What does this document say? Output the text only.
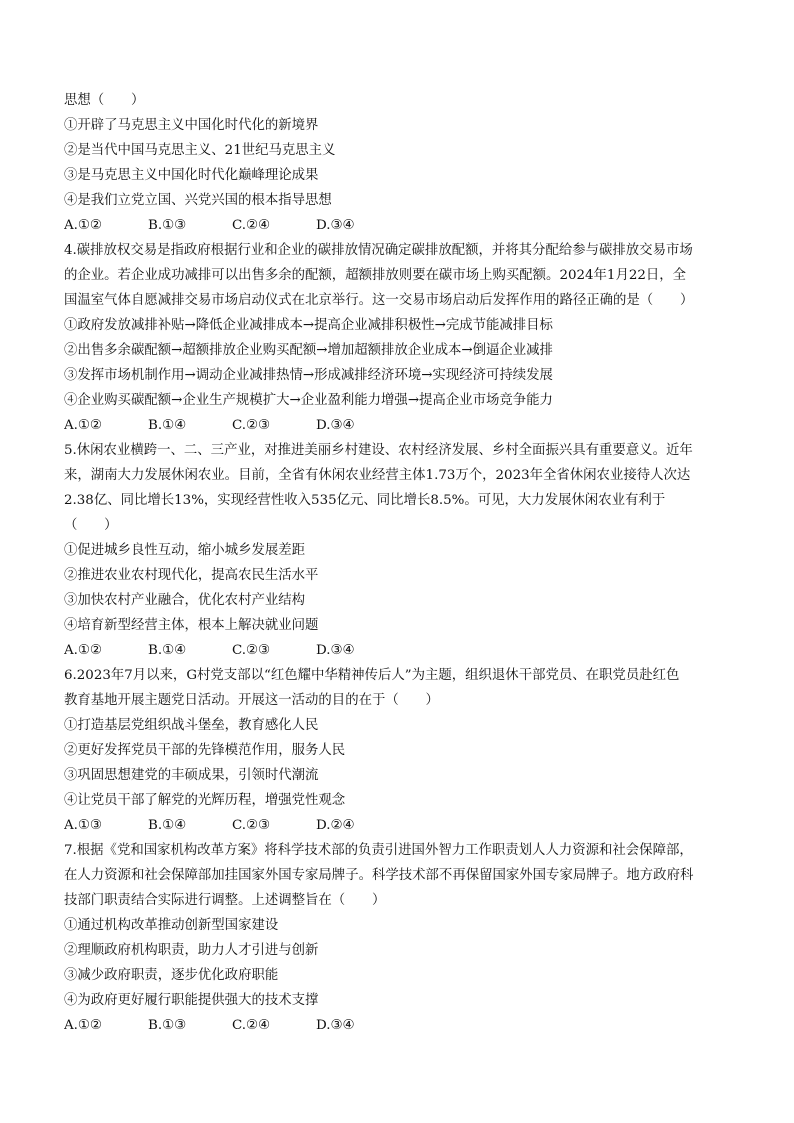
思想（　　）
①开辟了马克思主义中国化时代化的新境界
②是当代中国马克思主义、21世纪马克思主义
③是马克思主义中国化时代化巅峰理论成果
④是我们立党立国、兴党兴国的根本指导思想
A.①②	B.①③	C.②④	D.③④
4.碳排放权交易是指政府根据行业和企业的碳排放情况确定碳排放配额，并将其分配给参与碳排放交易市场
的企业。若企业成功减排可以出售多余的配额，超额排放则要在碳市场上购买配额。2024年1月22日，全
国温室气体自愿减排交易市场启动仪式在北京举行。这一交易市场启动后发挥作用的路径正确的是（　　）
①政府发放减排补贴→降低企业减排成本→提高企业减排积极性→完成节能减排目标
②出售多余碳配额→超额排放企业购买配额→增加超额排放企业成本→倒逼企业减排
③发挥市场机制作用→调动企业减排热情→形成减排经济环境→实现经济可持续发展
④企业购买碳配额→企业生产规模扩大→企业盈利能力增强→提高企业市场竞争能力
A.①②	B.①④	C.②③	D.③④
5.休闲农业横跨一、二、三产业，对推进美丽乡村建设、农村经济发展、乡村全面振兴具有重要意义。近年
来，湖南大力发展休闲农业。目前，全省有休闲农业经营主体1.73万个，2023年全省休闲农业接待人次达
2.38亿、同比增长13%，实现经营性收入535亿元、同比增长8.5%。可见，大力发展休闲农业有利于
（　　）
①促进城乡良性互动，缩小城乡发展差距
②推进农业农村现代化，提高农民生活水平
③加快农村产业融合，优化农村产业结构
④培育新型经营主体，根本上解决就业问题
A.①②	B.①④	C.②③	D.③④
6.2023年7月以来，G村党支部以“红色耀中华精神传后人”为主题，组织退休干部党员、在职党员赴红色
教育基地开展主题党日活动。开展这一活动的目的在于（　　）
①打造基层党组织战斗堡垒，教育感化人民
②更好发挥党员干部的先锋模范作用，服务人民
③巩固思想建党的丰硕成果，引领时代潮流
④让党员干部了解党的光辉历程，增强党性观念
A.①③	B.①④	C.②③	D.②④
7.根据《党和国家机构改革方案》将科学技术部的负责引进国外智力工作职责划人人力资源和社会保障部，
在人力资源和社会保障部加挂国家外国专家局牌子。科学技术部不再保留国家外国专家局牌子。地方政府科
技部门职责结合实际进行调整。上述调整旨在（　　）
①通过机构改革推动创新型国家建设
②理顺政府机构职责，助力人才引进与创新
③减少政府职责，逐步优化政府职能
④为政府更好履行职能提供强大的技术支撑
A.①②	B.①③	C.②④	D.③④
